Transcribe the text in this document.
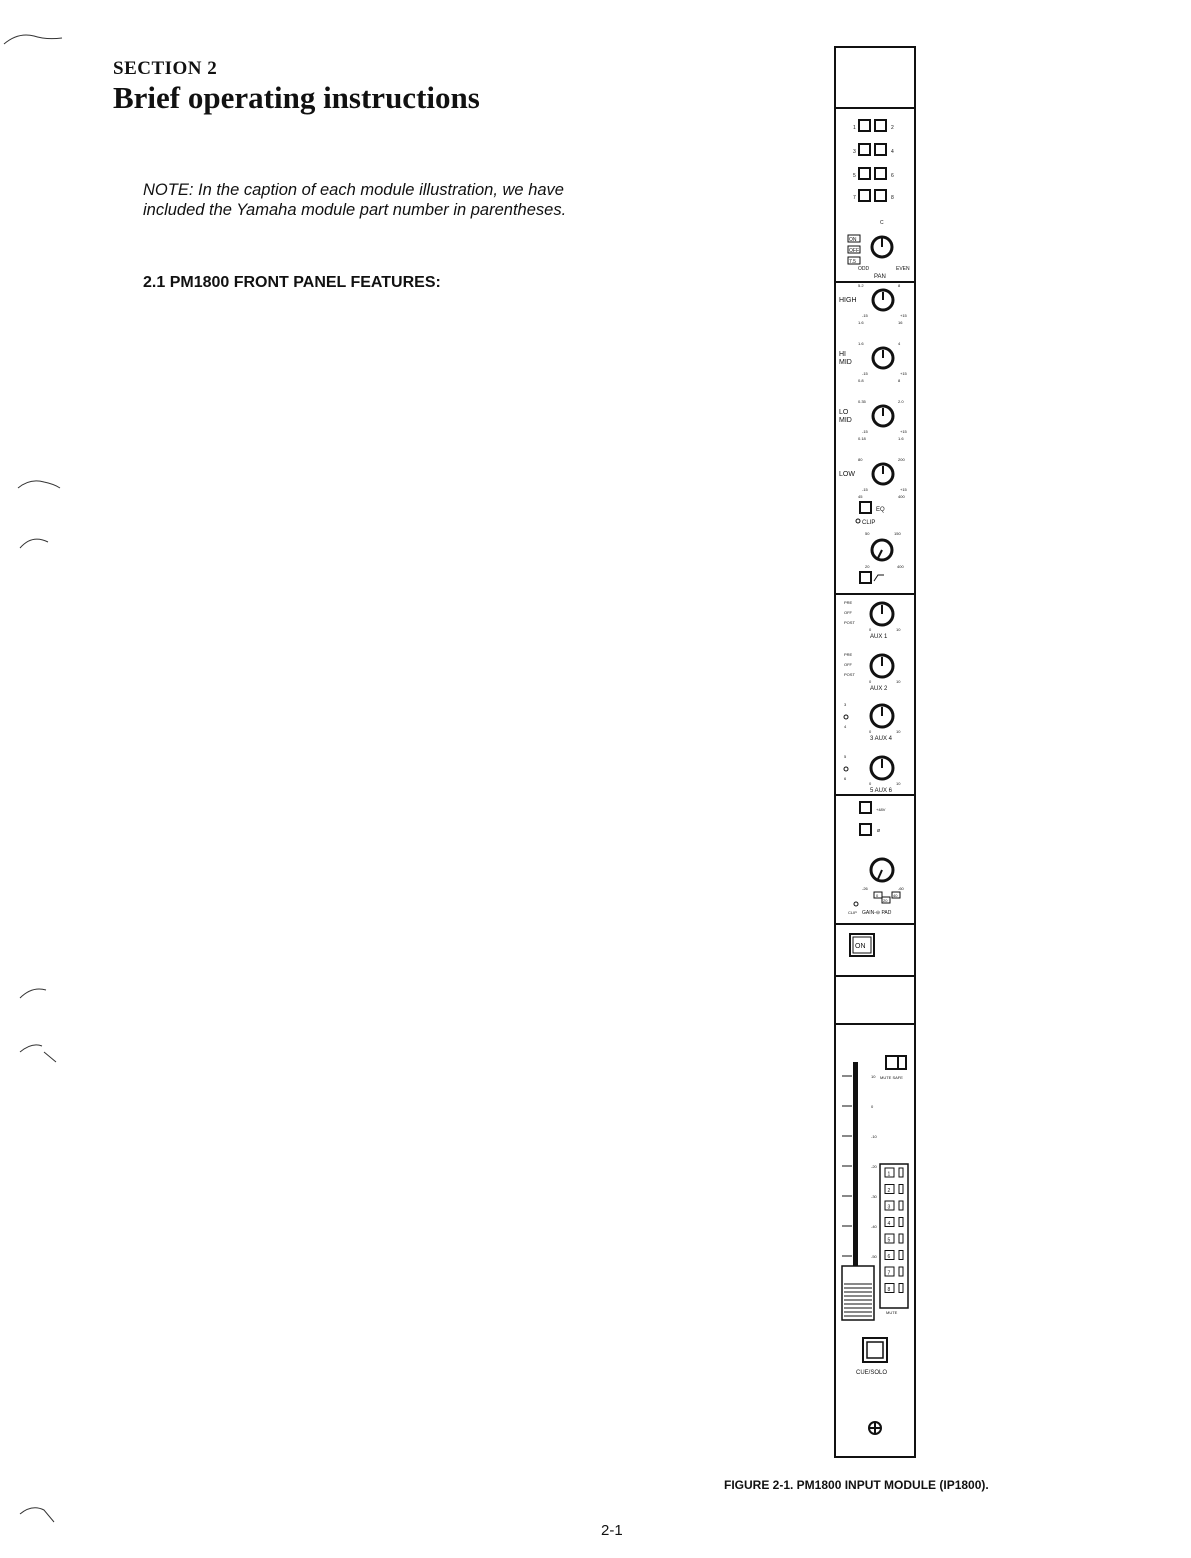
SECTION 2
Brief operating instructions
NOTE: In the caption of each module illustration, we have included the Yamaha module part number in parentheses.
2.1 PM1800 FRONT PANEL FEATURES:
1	2
3	4
5	6
7	8
C
ON
OFF
7.5
ODD	EVEN
PAN
HIGH
5.2	8
-15	+15
1.6	16
HI
MID
1.6	4
-15	+15
0.8	8
LO
MID
0.35	2.0
-15	+15
0.18	1.6
LOW
80	200
-15	+15
45	400
EQ
CLIP
50	150
20	400
PRE
OFF
POST
0	10
AUX 1
PRE
OFF
POST
0	10
AUX 2
3
4
0	10
3 AUX 4
5
6
0	10
5 AUX 6
+48V
ø
-26	-60
0
20
40
CLIP GAIN-⊖ PAD
ON
10
0
-10
-20
-30
-40
-50
MUTE SAFE
1
2
3
4
5
6
7
8
MUTE
CUE/SOLO
FIGURE 2-1. PM1800 INPUT MODULE (IP1800).
2-1
